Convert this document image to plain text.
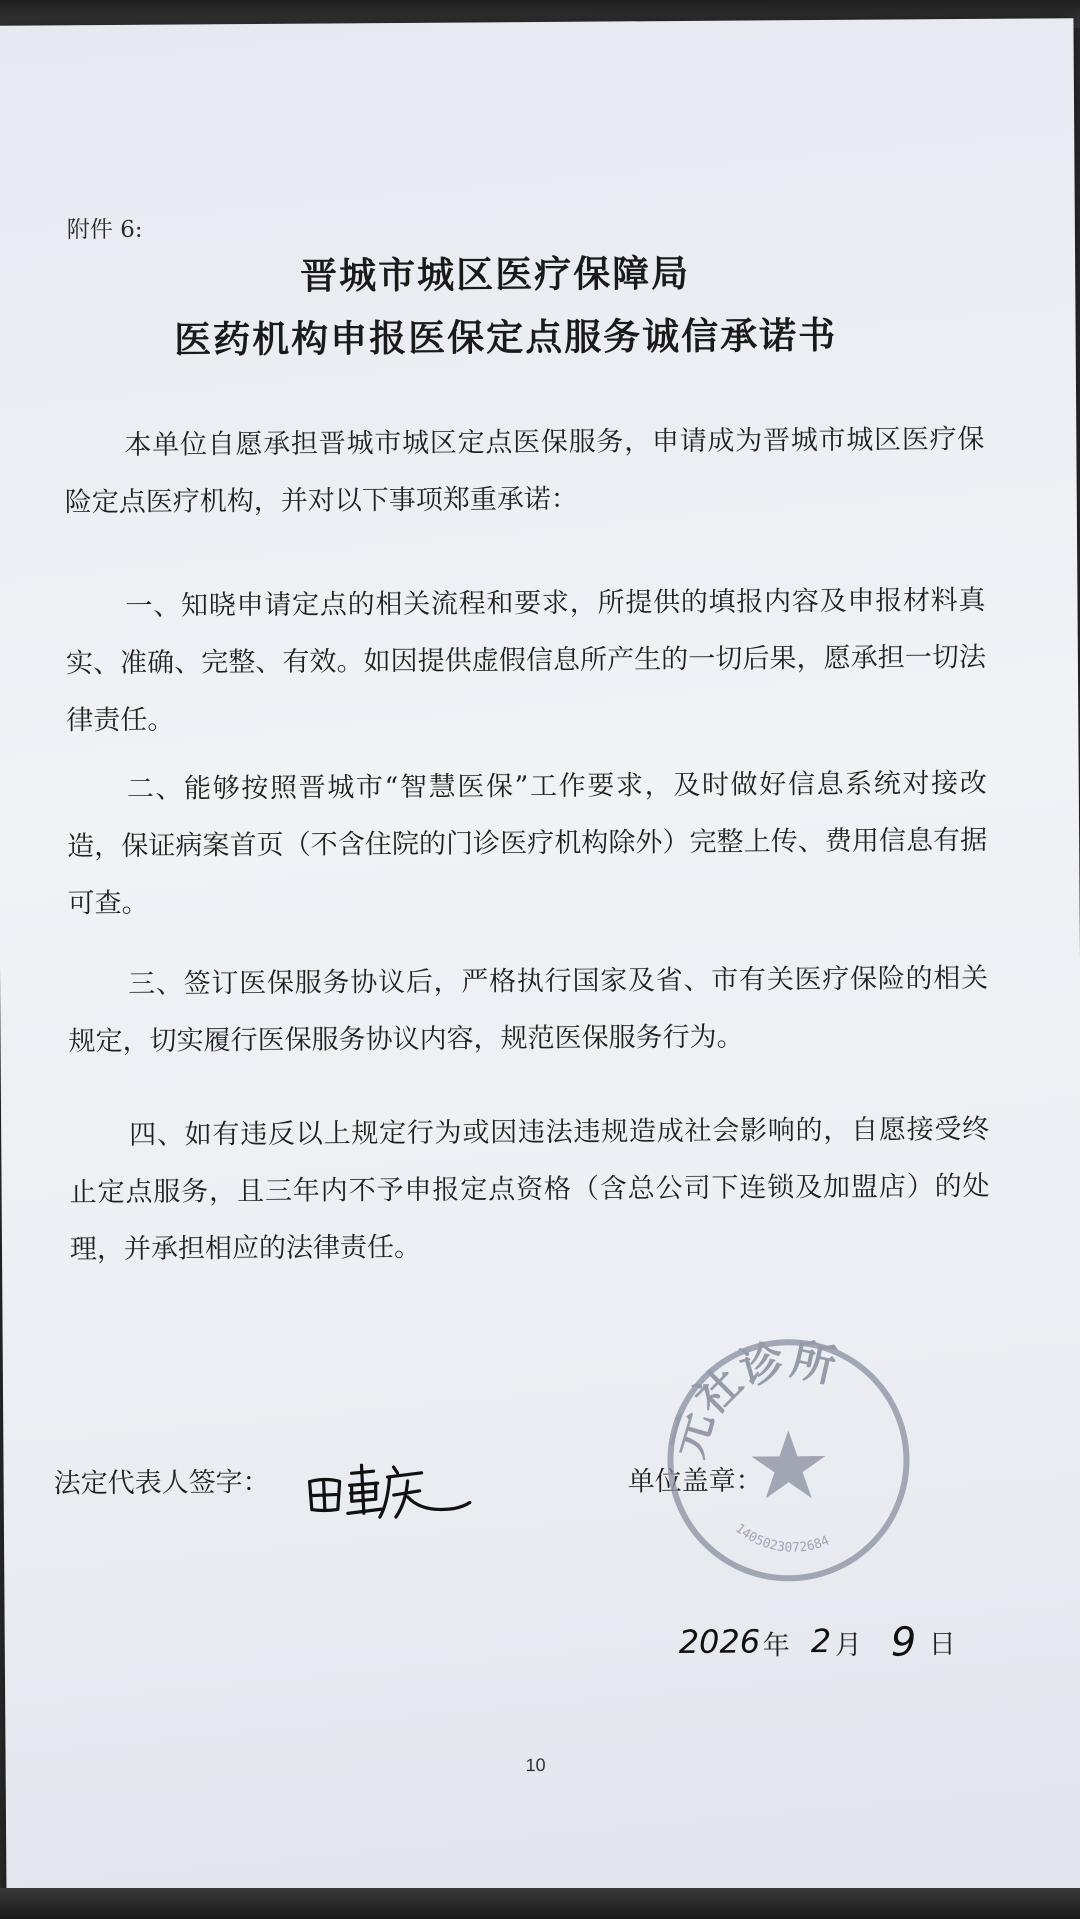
附件 6:
晋城市城区医疗保障局
医药机构申报医保定点服务诚信承诺书
本单位自愿承担晋城市城区定点医保服务，申请成为晋城市城区医疗保险定点医疗机构，并对以下事项郑重承诺：
一、知晓申请定点的相关流程和要求，所提供的填报内容及申报材料真实、准确、完整、有效。如因提供虚假信息所产生的一切后果，愿承担一切法律责任。
二、能够按照晋城市“智慧医保”工作要求，及时做好信息系统对接改造，保证病案首页（不含住院的门诊医疗机构除外）完整上传、费用信息有据可查。
三、签订医保服务协议后，严格执行国家及省、市有关医疗保险的相关规定，切实履行医保服务协议内容，规范医保服务行为。
四、如有违反以上规定行为或因违法违规造成社会影响的，自愿接受终止定点服务，且三年内不予申报定点资格（含总公司下连锁及加盟店）的处理，并承担相应的法律责任。
法定代表人签字：	单位盖章：
元社诊所
1405023072684
2026 年 2 月 9 日
10
